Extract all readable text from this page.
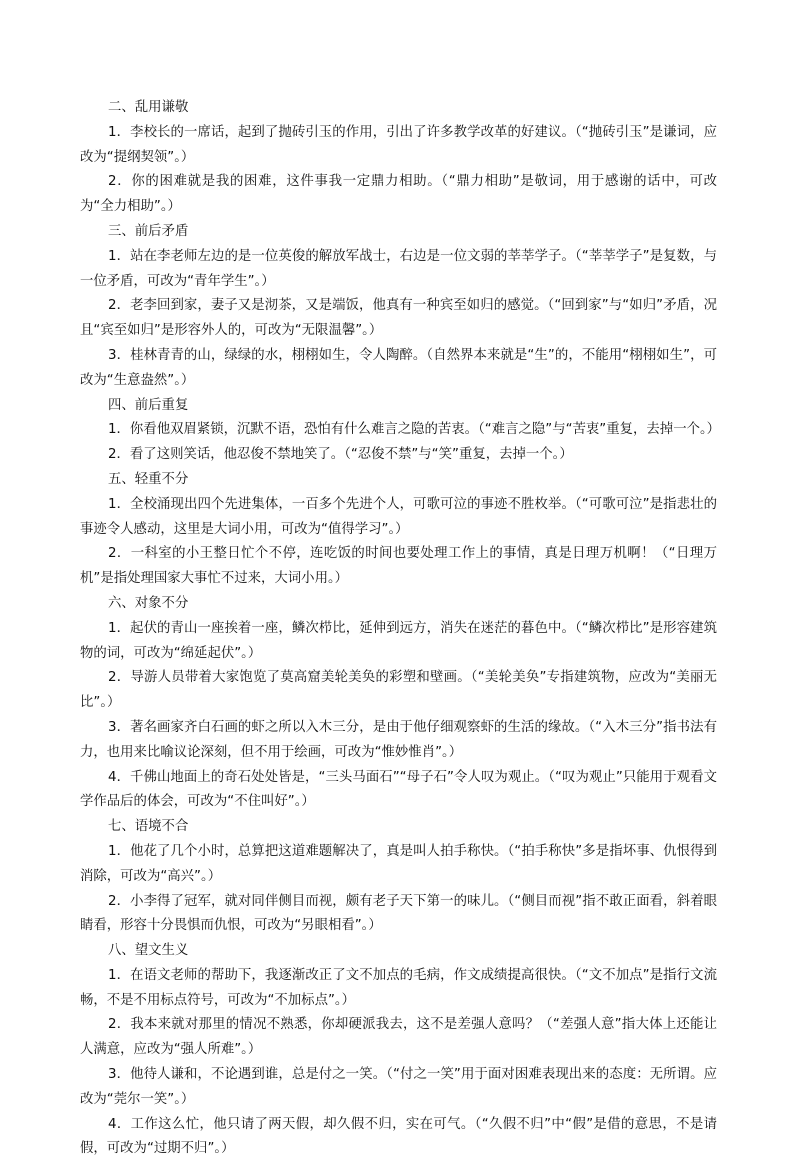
二、乱用谦敬

1．李校长的一席话，起到了抛砖引玉的作用，引出了许多教学改革的好建议。（“抛砖引玉”是谦词，应改为“提纲契领”。）

2．你的困难就是我的困难，这件事我一定鼎力相助。（“鼎力相助”是敬词，用于感谢的话中，可改为“全力相助”。）

三、前后矛盾

1．站在李老师左边的是一位英俊的解放军战士，右边是一位文弱的莘莘学子。（“莘莘学子”是复数，与一位矛盾，可改为“青年学生”。）

2．老李回到家，妻子又是沏茶，又是端饭，他真有一种宾至如归的感觉。（“回到家”与“如归”矛盾，况且“宾至如归”是形容外人的，可改为“无限温馨”。）

3．桂林青青的山，绿绿的水，栩栩如生，令人陶醉。（自然界本来就是“生”的，不能用“栩栩如生”，可改为“生意盎然”。）

四、前后重复

1．你看他双眉紧锁，沉默不语，恐怕有什么难言之隐的苦衷。（“难言之隐”与“苦衷”重复，去掉一个。）

2．看了这则笑话，他忍俊不禁地笑了。（“忍俊不禁”与“笑”重复，去掉一个。）

五、轻重不分

1．全校涌现出四个先进集体，一百多个先进个人，可歌可泣的事迹不胜枚举。（“可歌可泣”是指悲壮的事迹令人感动，这里是大词小用，可改为“值得学习”。）

2．一科室的小王整日忙个不停，连吃饭的时间也要处理工作上的事情，真是日理万机啊！（“日理万机”是指处理国家大事忙不过来，大词小用。）

六、对象不分

1．起伏的青山一座挨着一座，鳞次栉比，延伸到远方，消失在迷茫的暮色中。（“鳞次栉比”是形容建筑物的词，可改为“绵延起伏”。）

2．导游人员带着大家饱览了莫高窟美轮美奂的彩塑和壁画。（“美轮美奂”专指建筑物，应改为“美丽无比”。）

3．著名画家齐白石画的虾之所以入木三分，是由于他仔细观察虾的生活的缘故。（“入木三分”指书法有力，也用来比喻议论深刻，但不用于绘画，可改为“惟妙惟肖”。）

4．千佛山地面上的奇石处处皆是，“三头马面石”“母子石”令人叹为观止。（“叹为观止”只能用于观看文学作品后的体会，可改为“不住叫好”。）

七、语境不合

1．他花了几个小时，总算把这道难题解决了，真是叫人拍手称快。（“拍手称快”多是指坏事、仇恨得到消除，可改为“高兴”。）

2．小李得了冠军，就对同伴侧目而视，颇有老子天下第一的味儿。（“侧目而视”指不敢正面看，斜着眼睛看，形容十分畏惧而仇恨，可改为“另眼相看”。）

八、望文生义

1．在语文老师的帮助下，我逐渐改正了文不加点的毛病，作文成绩提高很快。（“文不加点”是指行文流畅，不是不用标点符号，可改为“不加标点”。）

2．我本来就对那里的情况不熟悉，你却硬派我去，这不是差强人意吗？（“差强人意”指大体上还能让人满意，应改为“强人所难”。）

3．他待人谦和，不论遇到谁，总是付之一笑。（“付之一笑”用于面对困难表现出来的态度：无所谓。应改为“莞尔一笑”。）

4．工作这么忙，他只请了两天假，却久假不归，实在可气。（“久假不归”中“假”是借的意思，不是请假，可改为“过期不归”。）
